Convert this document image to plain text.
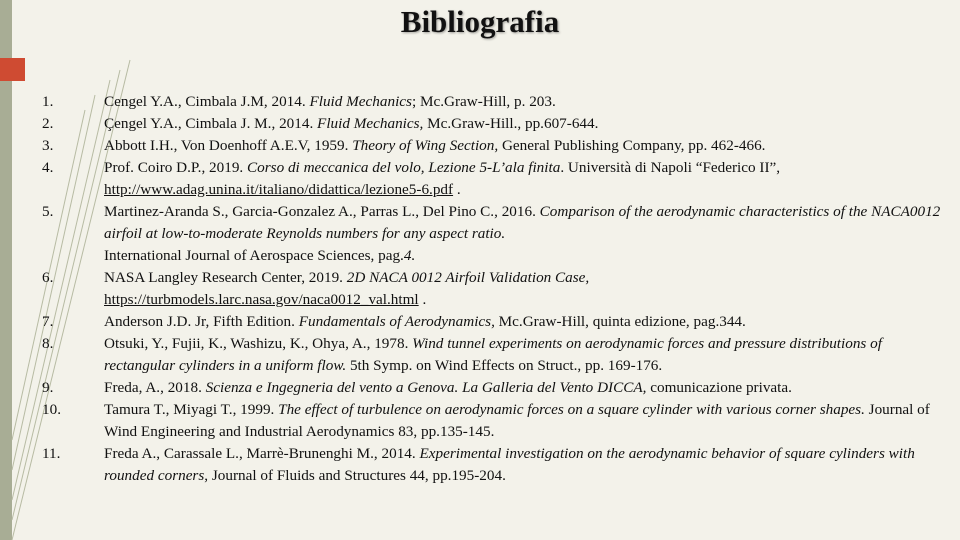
Bibliografia
1.	Cengel Y.A., Cimbala J.M, 2014. Fluid Mechanics; Mc.Graw-Hill, p. 203.
2.	Çengel Y.A., Cimbala J. M., 2014. Fluid Mechanics, Mc.Graw-Hill., pp.607-644.
3.	Abbott I.H., Von Doenhoff A.E.V, 1959. Theory of Wing Section, General Publishing Company, pp. 462-466.
4.	Prof. Coiro D.P., 2019. Corso di meccanica del volo, Lezione 5-L’ala finita. Università di Napoli “Federico II”,
http://www.adag.unina.it/italiano/didattica/lezione5-6.pdf .
5.	Martinez-Aranda S., Garcia-Gonzalez A., Parras L., Del Pino C., 2016. Comparison of the aerodynamic characteristics of the NACA0012 airfoil at low-to-moderate Reynolds numbers for any aspect ratio.
International Journal of Aerospace Sciences, pag.4.
6.	NASA Langley Research Center, 2019. 2D NACA 0012 Airfoil Validation Case,
https://turbmodels.larc.nasa.gov/naca0012_val.html .
7.	Anderson J.D. Jr, Fifth Edition. Fundamentals of Aerodynamics, Mc.Graw-Hill, quinta edizione, pag.344.
8.	Otsuki, Y., Fujii, K., Washizu, K., Ohya, A., 1978. Wind tunnel experiments on aerodynamic forces and pressure distributions of rectangular cylinders in a uniform flow. 5th Symp. on Wind Effects on Struct., pp. 169-176.
9.	Freda, A., 2018. Scienza e Ingegneria del vento a Genova. La Galleria del Vento DICCA, comunicazione privata.
10.	Tamura T., Miyagi T., 1999. The effect of turbulence on aerodynamic forces on a square cylinder with various corner shapes. Journal of Wind Engineering and Industrial Aerodynamics 83, pp.135-145.
11.	Freda A., Carassale L., Marrè-Brunenghi M., 2014. Experimental investigation on the aerodynamic behavior of square cylinders with rounded corners, Journal of Fluids and Structures 44, pp.195-204.
